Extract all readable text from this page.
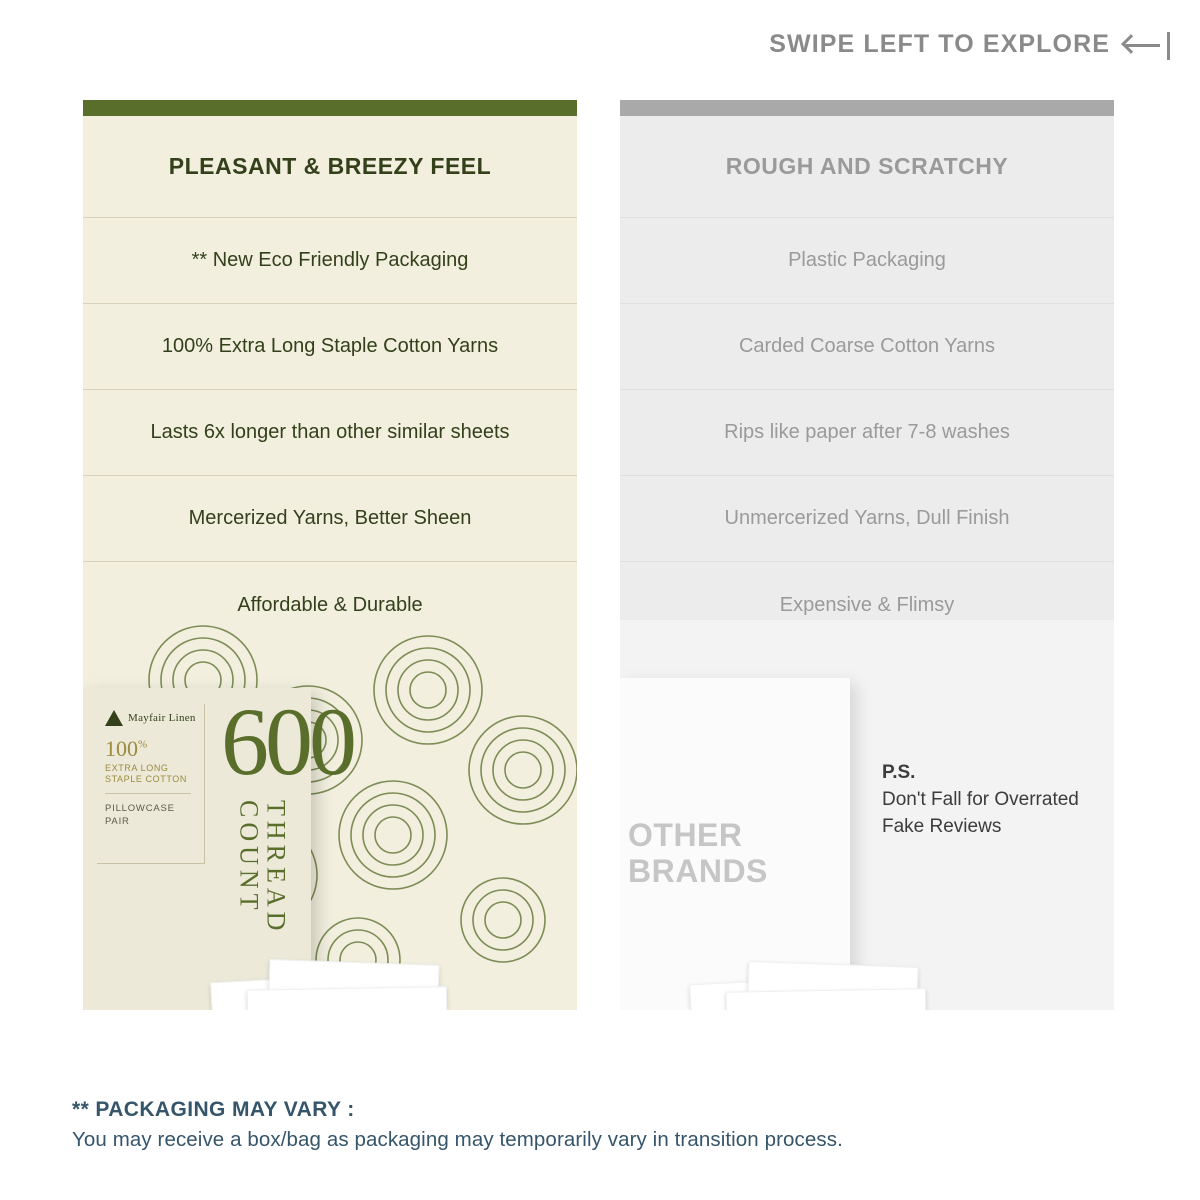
SWIPE LEFT TO EXPLORE
PLEASANT & BREEZY FEEL
** New Eco Friendly Packaging
100% Extra Long Staple Cotton Yarns
Lasts 6x longer than other similar sheets
Mercerized Yarns, Better Sheen
Affordable & Durable
ROUGH AND SCRATCHY
Plastic Packaging
Carded Coarse Cotton Yarns
Rips like paper after 7-8 washes
Unmercerized Yarns, Dull Finish
Expensive & Flimsy
Mayfair Linen
100%
EXTRA LONG STAPLE COTTON
PILLOWCASE
PAIR
600
THREAD COUNT	OTHER
BRANDS
P.S.
Don't Fall for Overrated Fake Reviews
** PACKAGING MAY VARY :
You may receive a box/bag as packaging may temporarily vary in transition process.
